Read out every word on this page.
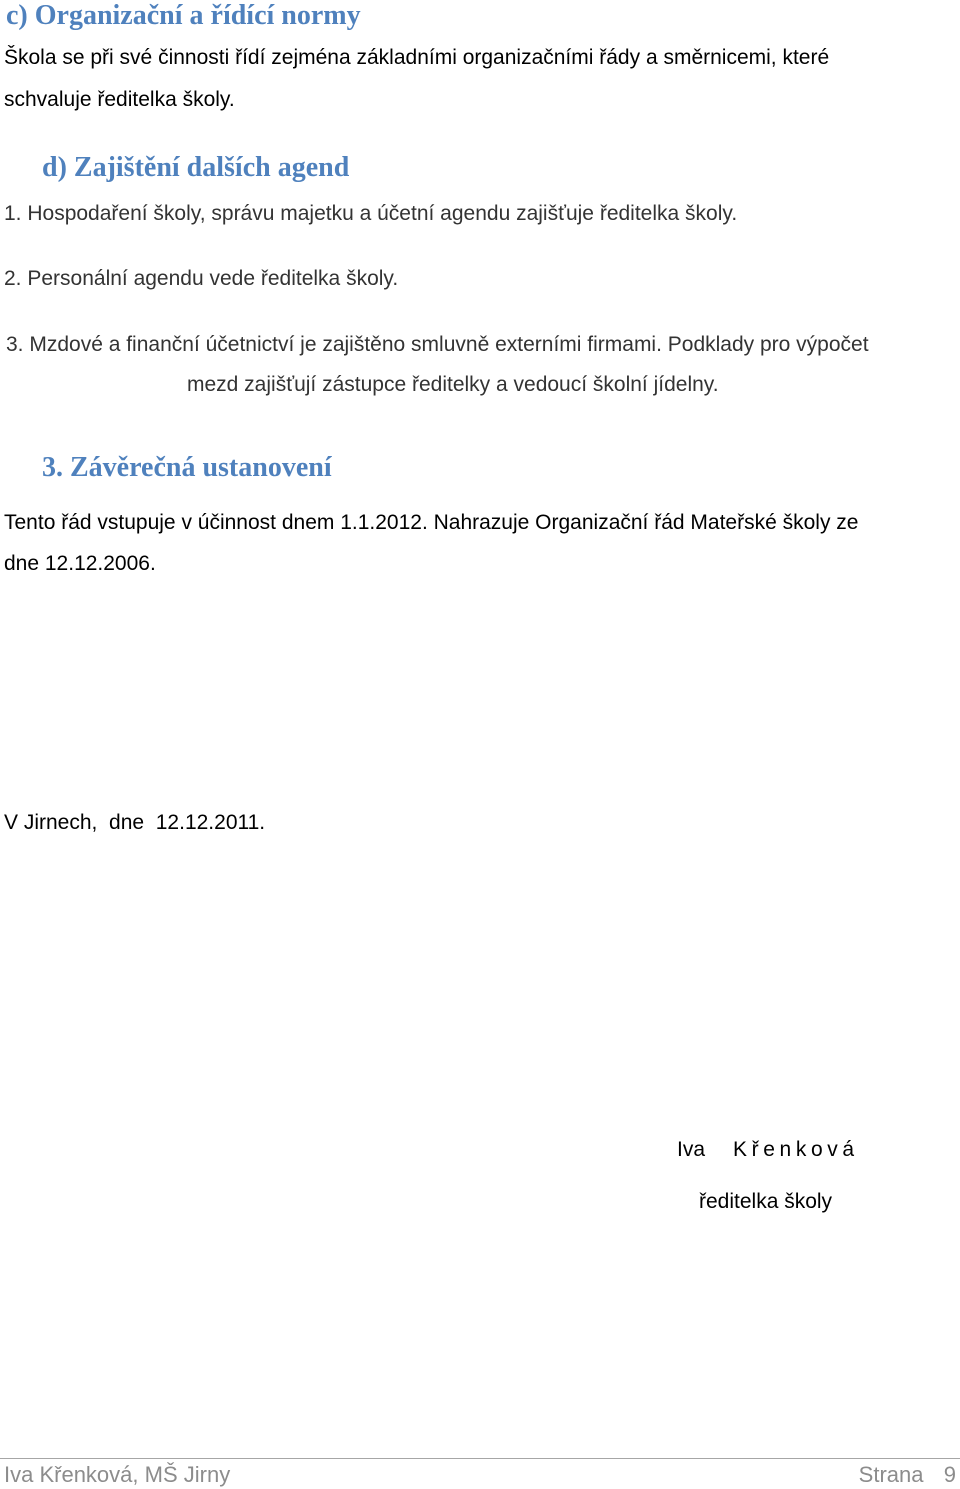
c) Organizační a řídící normy
Škola se při své činnosti řídí zejména základními organizačními řády a směrnicemi, které
schvaluje ředitelka školy.
d) Zajištění dalších agend
1. Hospodaření školy, správu majetku a účetní agendu zajišťuje ředitelka školy.
2. Personální agendu vede ředitelka školy.
3. Mzdové a finanční účetnictví je zajištěno smluvně externími firmami. Podklady pro výpočet
mezd zajišťují zástupce ředitelky a vedoucí školní jídelny.
3. Závěrečná ustanovení
Tento řád vstupuje v účinnost dnem 1.1.2012. Nahrazuje Organizační řád Mateřské školy ze
dne 12.12.2006.
V Jirnech,  dne  12.12.2011.
Iva Křenková
ředitelka školy
Iva Křenková, MŠ Jirny	Strana 9
